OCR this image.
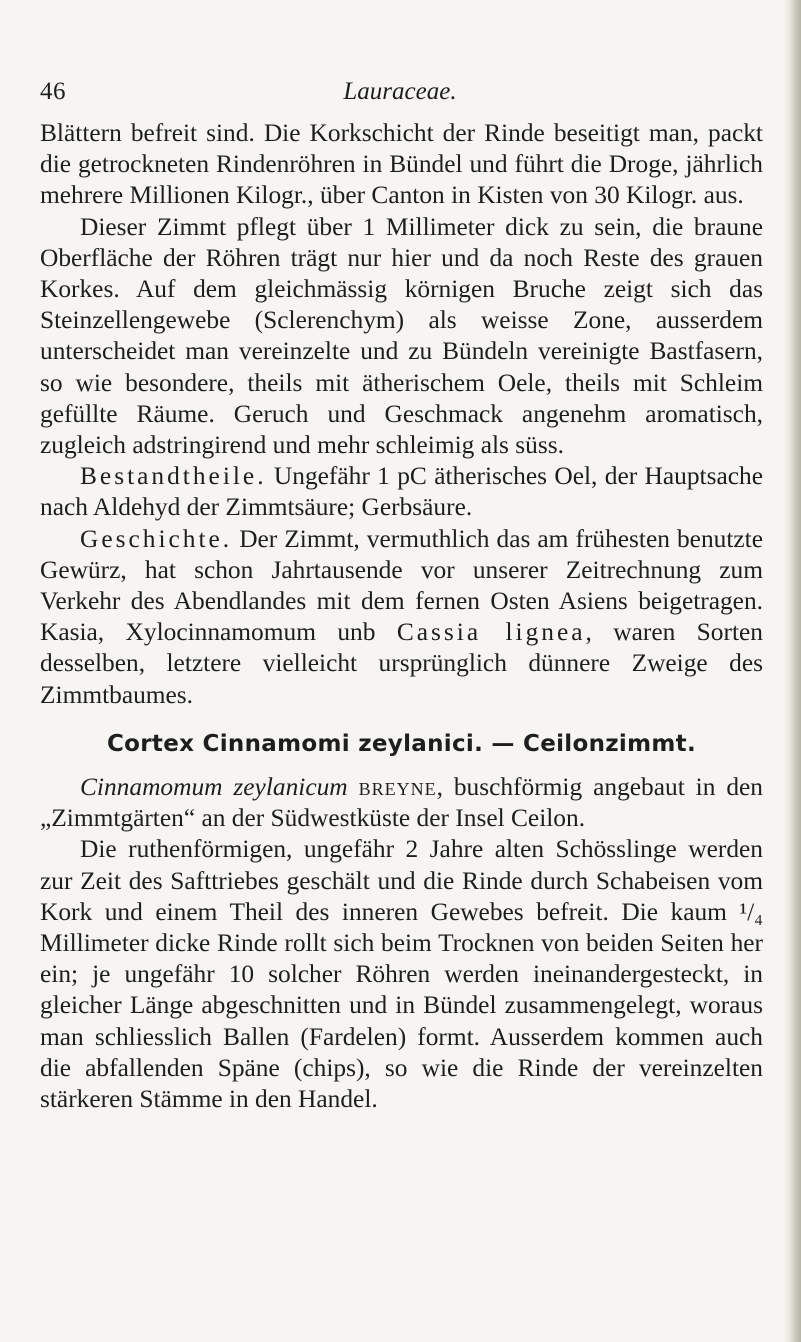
46	Lauraceae.

Blättern befreit sind. Die Korkschicht der Rinde beseitigt man, packt die getrockneten Rindenröhren in Bündel und führt die Droge, jährlich mehrere Millionen Kilogr., über Canton in Kisten von 30 Kilogr. aus.

Dieser Zimmt pflegt über 1 Millimeter dick zu sein, die braune Oberfläche der Röhren trägt nur hier und da noch Reste des grauen Korkes. Auf dem gleichmässig körnigen Bruche zeigt sich das Steinzellengewebe (Sclerenchym) als weisse Zone, ausserdem unterscheidet man vereinzelte und zu Bündeln vereinigte Bastfasern, so wie besondere, theils mit ätherischem Oele, theils mit Schleim gefüllte Räume. Geruch und Geschmack angenehm aromatisch, zugleich adstringirend und mehr schleimig als süss.

Bestandtheile. Ungefähr 1 pC ätherisches Oel, der Hauptsache nach Aldehyd der Zimmtsäure; Gerbsäure.

Geschichte. Der Zimmt, vermuthlich das am frühesten benutzte Gewürz, hat schon Jahrtausende vor unserer Zeitrechnung zum Verkehr des Abendlandes mit dem fernen Osten Asiens beigetragen. Kasia, Xylocinnamomum unb Cassia lignea, waren Sorten desselben, letztere vielleicht ursprünglich dünnere Zweige des Zimmtbaumes.

Cortex Cinnamomi zeylanici. — Ceilonzimmt.

Cinnamomum zeylanicum breyne, buschförmig angebaut in den „Zimmtgärten“ an der Südwestküste der Insel Ceilon.

Die ruthenförmigen, ungefähr 2 Jahre alten Schösslinge werden zur Zeit des Safttriebes geschält und die Rinde durch Schabeisen vom Kork und einem Theil des inneren Gewebes befreit. Die kaum ¹/₄ Millimeter dicke Rinde rollt sich beim Trocknen von beiden Seiten her ein; je ungefähr 10 solcher Röhren werden ineinandergesteckt, in gleicher Länge abgeschnitten und in Bündel zusammengelegt, woraus man schliesslich Ballen (Fardelen) formt. Ausserdem kommen auch die abfallenden Späne (chips), so wie die Rinde der vereinzelten stärkeren Stämme in den Handel.
